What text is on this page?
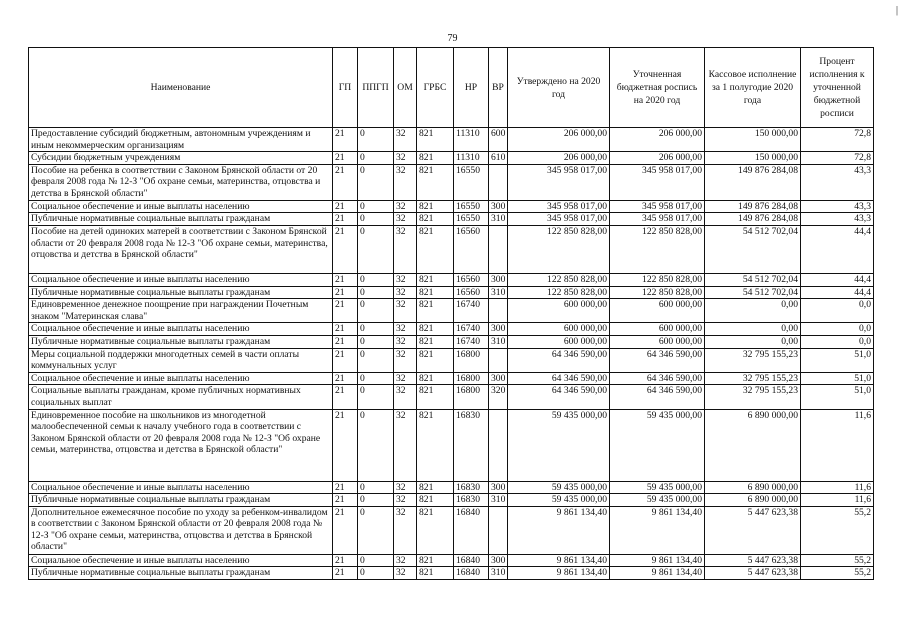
79
|
Наименование	ГП	ППГП	ОМ	ГРБС	НР	ВР	Утверждено на 2020 год	Уточненная бюджетная роспись на 2020 год	Кассовое исполнение за 1 полугодие 2020 года	Процент исполнения к уточненной бюджетной росписи
Предоставление субсидий бюджетным, автономным учреждениям и иным некоммерческим организациям	21	0	32	821	11310	600	206 000,00	206 000,00	150 000,00	72,8
Субсидии бюджетным учреждениям	21	0	32	821	11310	610	206 000,00	206 000,00	150 000,00	72,8
Пособие на ребенка в соответствии с Законом Брянской области от 20 февраля 2008 года № 12-З "Об охране семьи, материнства, отцовства и детства в Брянской области"	21	0	32	821	16550		345 958 017,00	345 958 017,00	149 876 284,08	43,3
Социальное обеспечение и иные выплаты населению	21	0	32	821	16550	300	345 958 017,00	345 958 017,00	149 876 284,08	43,3
Публичные нормативные социальные выплаты гражданам	21	0	32	821	16550	310	345 958 017,00	345 958 017,00	149 876 284,08	43,3
Пособие на детей одиноких матерей в соответствии с Законом Брянской области от 20 февраля 2008 года № 12-З "Об охране семьи, материнства, отцовства и детства в Брянской области"	21	0	32	821	16560		122 850 828,00	122 850 828,00	54 512 702,04	44,4
Социальное обеспечение и иные выплаты населению	21	0	32	821	16560	300	122 850 828,00	122 850 828,00	54 512 702,04	44,4
Публичные нормативные социальные выплаты гражданам	21	0	32	821	16560	310	122 850 828,00	122 850 828,00	54 512 702,04	44,4
Единовременное денежное поощрение при награждении Почетным знаком "Материнская слава"	21	0	32	821	16740		600 000,00	600 000,00	0,00	0,0
Социальное обеспечение и иные выплаты населению	21	0	32	821	16740	300	600 000,00	600 000,00	0,00	0,0
Публичные нормативные социальные выплаты гражданам	21	0	32	821	16740	310	600 000,00	600 000,00	0,00	0,0
Меры социальной поддержки многодетных семей в части оплаты коммунальных услуг	21	0	32	821	16800		64 346 590,00	64 346 590,00	32 795 155,23	51,0
Социальное обеспечение и иные выплаты населению	21	0	32	821	16800	300	64 346 590,00	64 346 590,00	32 795 155,23	51,0
Социальные выплаты гражданам, кроме публичных нормативных социальных выплат	21	0	32	821	16800	320	64 346 590,00	64 346 590,00	32 795 155,23	51,0
Единовременное пособие на школьников из многодетной малообеспеченной семьи к началу учебного года в соответствии с Законом Брянской области от 20 февраля 2008 года № 12-З "Об охране семьи, материнства, отцовства и детства в Брянской области"	21	0	32	821	16830		59 435 000,00	59 435 000,00	6 890 000,00	11,6
Социальное обеспечение и иные выплаты населению	21	0	32	821	16830	300	59 435 000,00	59 435 000,00	6 890 000,00	11,6
Публичные нормативные социальные выплаты гражданам	21	0	32	821	16830	310	59 435 000,00	59 435 000,00	6 890 000,00	11,6
Дополнительное ежемесячное пособие по уходу за ребенком-инвалидом в соответствии с Законом Брянской области от 20 февраля 2008 года № 12-З "Об охране семьи, материнства, отцовства и детства в Брянской области"	21	0	32	821	16840		9 861 134,40	9 861 134,40	5 447 623,38	55,2
Социальное обеспечение и иные выплаты населению	21	0	32	821	16840	300	9 861 134,40	9 861 134,40	5 447 623,38	55,2
Публичные нормативные социальные выплаты гражданам	21	0	32	821	16840	310	9 861 134,40	9 861 134,40	5 447 623,38	55,2
